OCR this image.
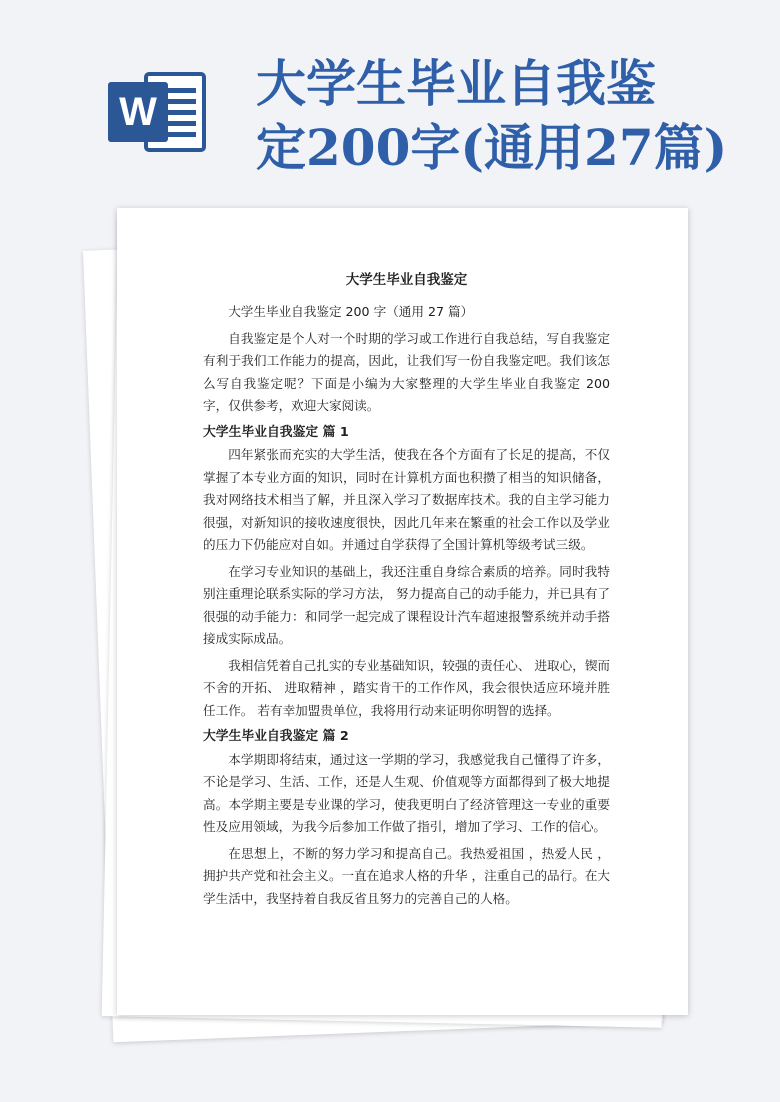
W 大学生毕业自我鉴
定200字(通用27篇)
大学生毕业自我鉴定

大学生毕业自我鉴定 200 字（通用 27 篇）

自我鉴定是个人对一个时期的学习或工作进行自我总结，写自我鉴定有利于我们工作能力的提高，因此，让我们写一份自我鉴定吧。我们该怎么写自我鉴定呢？下面是小编为大家整理的大学生毕业自我鉴定 200 字，仅供参考，欢迎大家阅读。

大学生毕业自我鉴定 篇 1

四年紧张而充实的大学生活，使我在各个方面有了长足的提高，不仅掌握了本专业方面的知识，同时在计算机方面也积攒了相当的知识储备，我对网络技术相当了解，并且深入学习了数据库技术。我的自主学习能力很强，对新知识的接收速度很快，因此几年来在繁重的社会工作以及学业的压力下仍能应对自如。并通过自学获得了全国计算机等级考试三级。

在学习专业知识的基础上，我还注重自身综合素质的培养。同时我特别注重理论联系实际的学习方法， 努力提高自己的动手能力，并已具有了很强的动手能力：和同学一起完成了课程设计汽车超速报警系统并动手搭接成实际成品。

我相信凭着自己扎实的专业基础知识，较强的责任心、 进取心，锲而不舍的开拓、 进取精神 ，踏实肯干的工作作风，我会很快适应环境并胜任工作。 若有幸加盟贵单位，我将用行动来证明你明智的选择。

大学生毕业自我鉴定 篇 2

本学期即将结束，通过这一学期的学习，我感觉我自己懂得了许多，不论是学习、生活、工作，还是人生观、价值观等方面都得到了极大地提高。本学期主要是专业课的学习，使我更明白了经济管理这一专业的重要性及应用领域，为我今后参加工作做了指引，增加了学习、工作的信心。

在思想上，不断的努力学习和提高自己。我热爱祖国 ，热爱人民 ，拥护共产党和社会主义。一直在追求人格的升华 ，注重自己的品行。在大学生活中，我坚持着自我反省且努力的完善自己的人格。
